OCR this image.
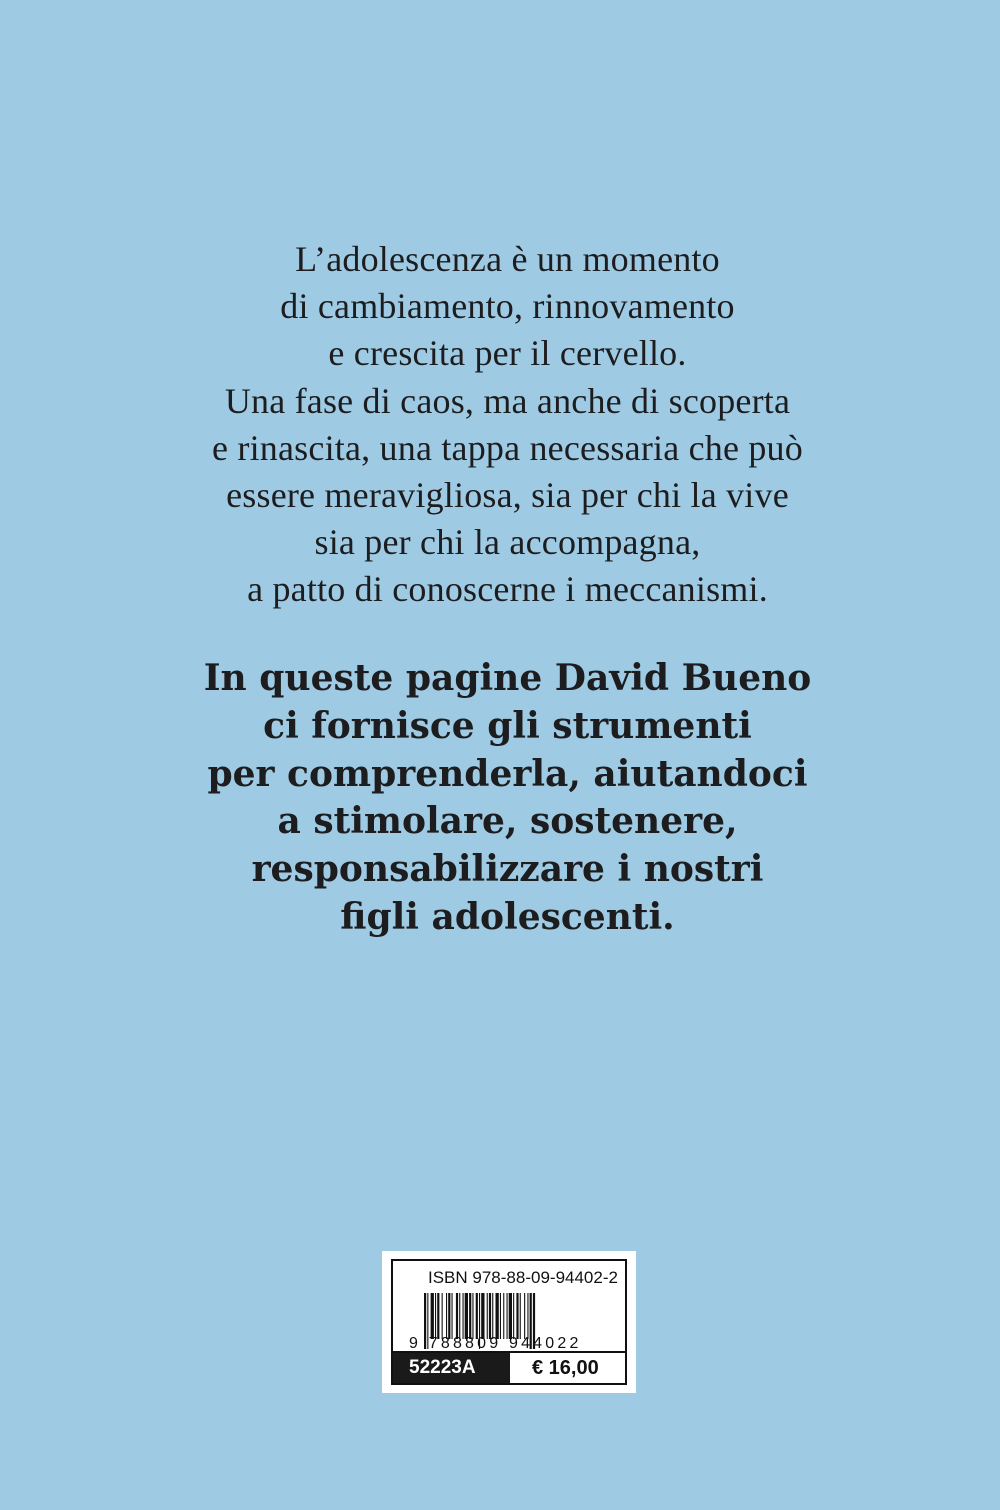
L’adolescenza è un momento
di cambiamento, rinnovamento
e crescita per il cervello.
Una fase di caos, ma anche di scoperta
e rinascita, una tappa necessaria che può
essere meravigliosa, sia per chi la vive
sia per chi la accompagna,
a patto di conoscerne i meccanismi.
In queste pagine David Bueno
ci fornisce gli strumenti
per comprenderla, aiutandoci
a stimolare, sostenere,
responsabilizzare i nostri
figli adolescenti.
ISBN 978-88-09-94402-2
9 788809 944022
52223A	€ 16,00
